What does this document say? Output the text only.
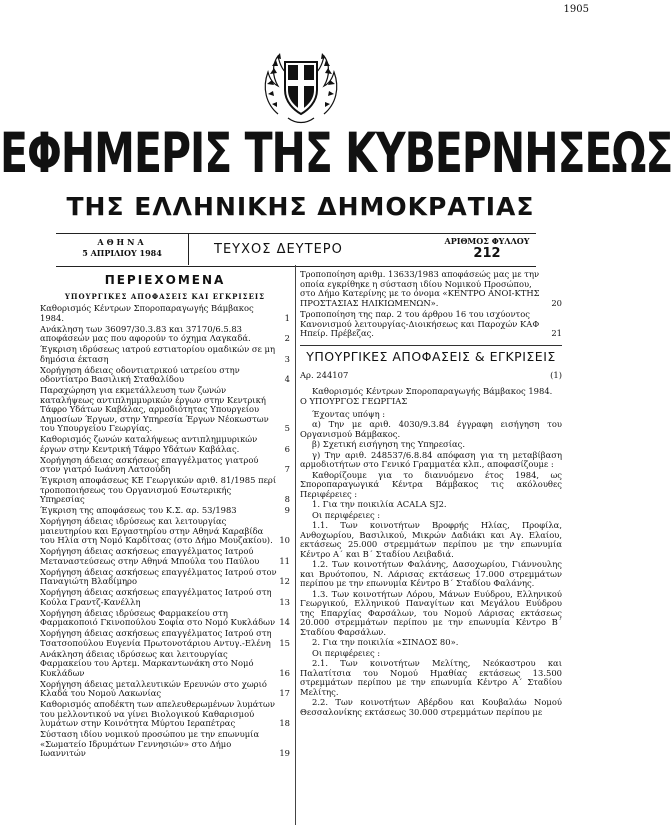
1905
ΕΦΗΜΕΡΙΣ ΤΗΣ ΚΥΒΕΡΝΗΣΕΩΣ
ΤΗΣ ΕΛΛΗΝΙΚΗΣ ΔΗΜΟΚΡΑΤΙΑΣ
ΑΘΗΝΑ
5 ΑΠΡΙΛΙΟΥ 1984	ΤΕΥΧΟΣ ΔΕΥΤΕΡΟ
ΑΡΙΘΜΟΣ ΦΥΛΛΟΥ
212
ΠΕΡΙΕΧΟΜΕΝΑ
ΥΠΟΥΡΓΙΚΕΣ ΑΠΟΦΑΣΕΙΣ ΚΑΙ ΕΓΚΡΙΣΕΙΣ
Καθορισμός Κέντρων Σποροπαραγωγής Βάμβακος 1984.	1
Ανάκληση των 36097/30.3.83 και 37170/6.5.83 αποφάσεών μας που αφορούν το όχημα Λαγκαδά.	2
Έγκριση ιδρύσεως ιατρού εστιατορίου ομαδικών σε μη δημόσια έκταση	3
Χορήγηση άδειας οδοντιατρικού ιατρείου στην οδοντίατρο Βασιλική Σταθαλίδου	4
Παραχώρηση για εκμετάλλευση των ζωνών καταλήψεως αντιπλημμυρικών έργων στην Κεντρική Τάφρο Υδάτων Καβάλας, αρμοδιότητας Υπουργείου Δημοσίων Έργων, στην Υπηρεσία Έργων Νέοκωστων του Υπουργείου Γεωργίας.	5
Καθορισμός ζωνών καταλήψεως αντιπλημμυρικών έργων στην Κεντρική Τάφρο Υδάτων Καβάλας.	6
Χορήγηση άδειας ασκήσεως επαγγέλματος γιατρού στον γιατρό Ιωάννη Λατσούδη	7
Έγκριση αποφάσεως ΚΕ Γεωργικών αριθ. 81/1985 περί τροποποιήσεως του Οργανισμού Εσωτερικής Υπηρεσίας	8
Έγκριση της αποφάσεως του Κ.Σ. αρ. 53/1983	9
Χορήγηση άδειας ιδρύσεως και λειτουργίας μαιευτηρίου και Εργαστηρίου στην Αθηνά Καραβίδα του Ηλία στη Νομό Καρδίτσας (στο Δήμο Μουζακίου). 10
Χορήγηση άδειας ασκήσεως επαγγέλματος Ιατρού Μεταναστεύσεως στην Αθηνά Μπούλα του Παύλου 11
Χορήγηση άδειας ασκήσεως επαγγέλματος Ιατρού στον Παναγιώτη Βλαδίμηρο	12
Χορήγηση άδειας ασκήσεως επαγγέλματος Ιατρού στη Κούλα Γραντζ-Κανέλλη	13
Χορήγηση άδειας ιδρύσεως Φαρμακείου στη Φαρμακοποιό Γκινοπούλου Σοφία στο Νομό Κυκλάδων 14
Χορήγηση άδειας ασκήσεως επαγγέλματος Ιατρού στη Τσατσοπούλου Ευγενία Πρωτονοτάριου Αντυγ.-Ελένη 15
Ανάκληση άδειας ιδρύσεως και λειτουργίας Φαρμακείου του Αρτεμ. Μαρκαντωνάκη στο Νομό Κυκλάδων	16
Χορήγηση άδειας μεταλλευτικών Ερευνών στο χωριό Κλαδά του Νομού Λακωνίας	17
Καθορισμός αποδέκτη των απελευθερωμένων λυμάτων του μελλοντικού να γίνει Βιολογικού Καθαρισμού λυμάτων στην Κοινότητα Μύρτου Ιεραπέτρας	18
Σύσταση ιδίου νομικού προσώπου με την επωνυμία «Σωματείο Ιδρυμάτων Γεννησιών» στο Δήμο Ιωαννιτών	19
Τροποποίηση αριθμ. 13633/1983 αποφάσεώς μας με την οποία εγκρίθηκε η σύσταση ιδίου Νομικού Προσώπου, στο Δήμο Κατερίνης με το όνομα «ΚΕΝΤΡΟ ΑΝΟΙ-ΚΤΗΣ ΠΡΟΣΤΑΣΙΑΣ ΗΛΙΚΙΩΜΕΝΩΝ».	20
Τροποποίηση της παρ. 2 του άρθρου 16 του ισχύοντος Κανονισμού λειτουργίας-Διοικήσεως και Παροχών ΚΑΦ Ηπείρ. Πρέβεζας.	21
ΥΠΟΥΡΓΙΚΕΣ ΑΠΟΦΑΣΕΙΣ & ΕΓΚΡΙΣΕΙΣ
Αρ. 244107	(1)

Καθορισμός Κέντρων Σποροπαραγωγής Βάμβακος 1984.

Ο ΥΠΟΥΡΓΟΣ ΓΕΩΡΓΙΑΣ

Έχοντας υπόψη :

α) Την με αριθ. 4030/9.3.84 έγγραφη εισήγηση του Οργανισμού Βάμβακος.

β) Σχετική εισήγηση της Υπηρεσίας.

γ) Την αριθ. 248537/6.8.84 απόφαση για τη μεταβίβαση αρμοδιοτήτων στο Γενικό Γραμματέα κλπ., αποφασίζουμε :

Καθορίζουμε για το διανυόμενο έτος 1984, ως Σποροπαραγωγικά Κέντρα Βάμβακος τις ακόλουθες Περιφέρειες :

1. Για την ποικιλία ACALA SJ2.

Οι περιφέρειες :

1.1. Των κοινοτήτων Βροφρής Ηλίας, Προφίλα, Ανθοχωρίου, Βασιλικού, Μικρών Δαδιάκι και Αγ. Ελαίου, εκτάσεως 25.000 στρεμμάτων περίπου με την επωνυμία Κέντρο Α΄ και Β΄ Σταδίου Λειβαδιά.

1.2. Των κοινοτήτων Φαλάνης, Δασοχωρίου, Γιάννουλης και Βρυότοπου, Ν. Λάρισας εκτάσεως 17.000 στρεμμάτων περίπου με την επωνυμία Κέντρο Β΄ Σταδίου Φαλάνης.

1.3. Των κοινοτήτων Λόρου, Μάνων Ευύδρου, Ελληνικού Γεωργικού, Ελληνικού Παναγίτων και Μεγάλου Ευύδρου της Επαρχίας Φαρσάλων, του Νομού Λάρισας εκτάσεως 20.000 στρεμμάτων περίπου με την επωνυμία Κέντρο Β΄ Σταδίου Φαρσάλων.

2. Για την ποικιλία «ΣΙΝΔΟΣ 80».

Οι περιφέρειες :

2.1. Των κοινοτήτων Μελίτης, Νεόκαστρου και Παλατίτσια του Νομού Ημαθίας εκτάσεως 13.500 στρεμμάτων περίπου με την επωνυμία Κέντρο Α΄ Σταδίου Μελίτης.

2.2. Των κοινοτήτων Αβέρδου και Κουβαλάω Νομού Θεσσαλονίκης εκτάσεως 30.000 στρεμμάτων περίπου με
